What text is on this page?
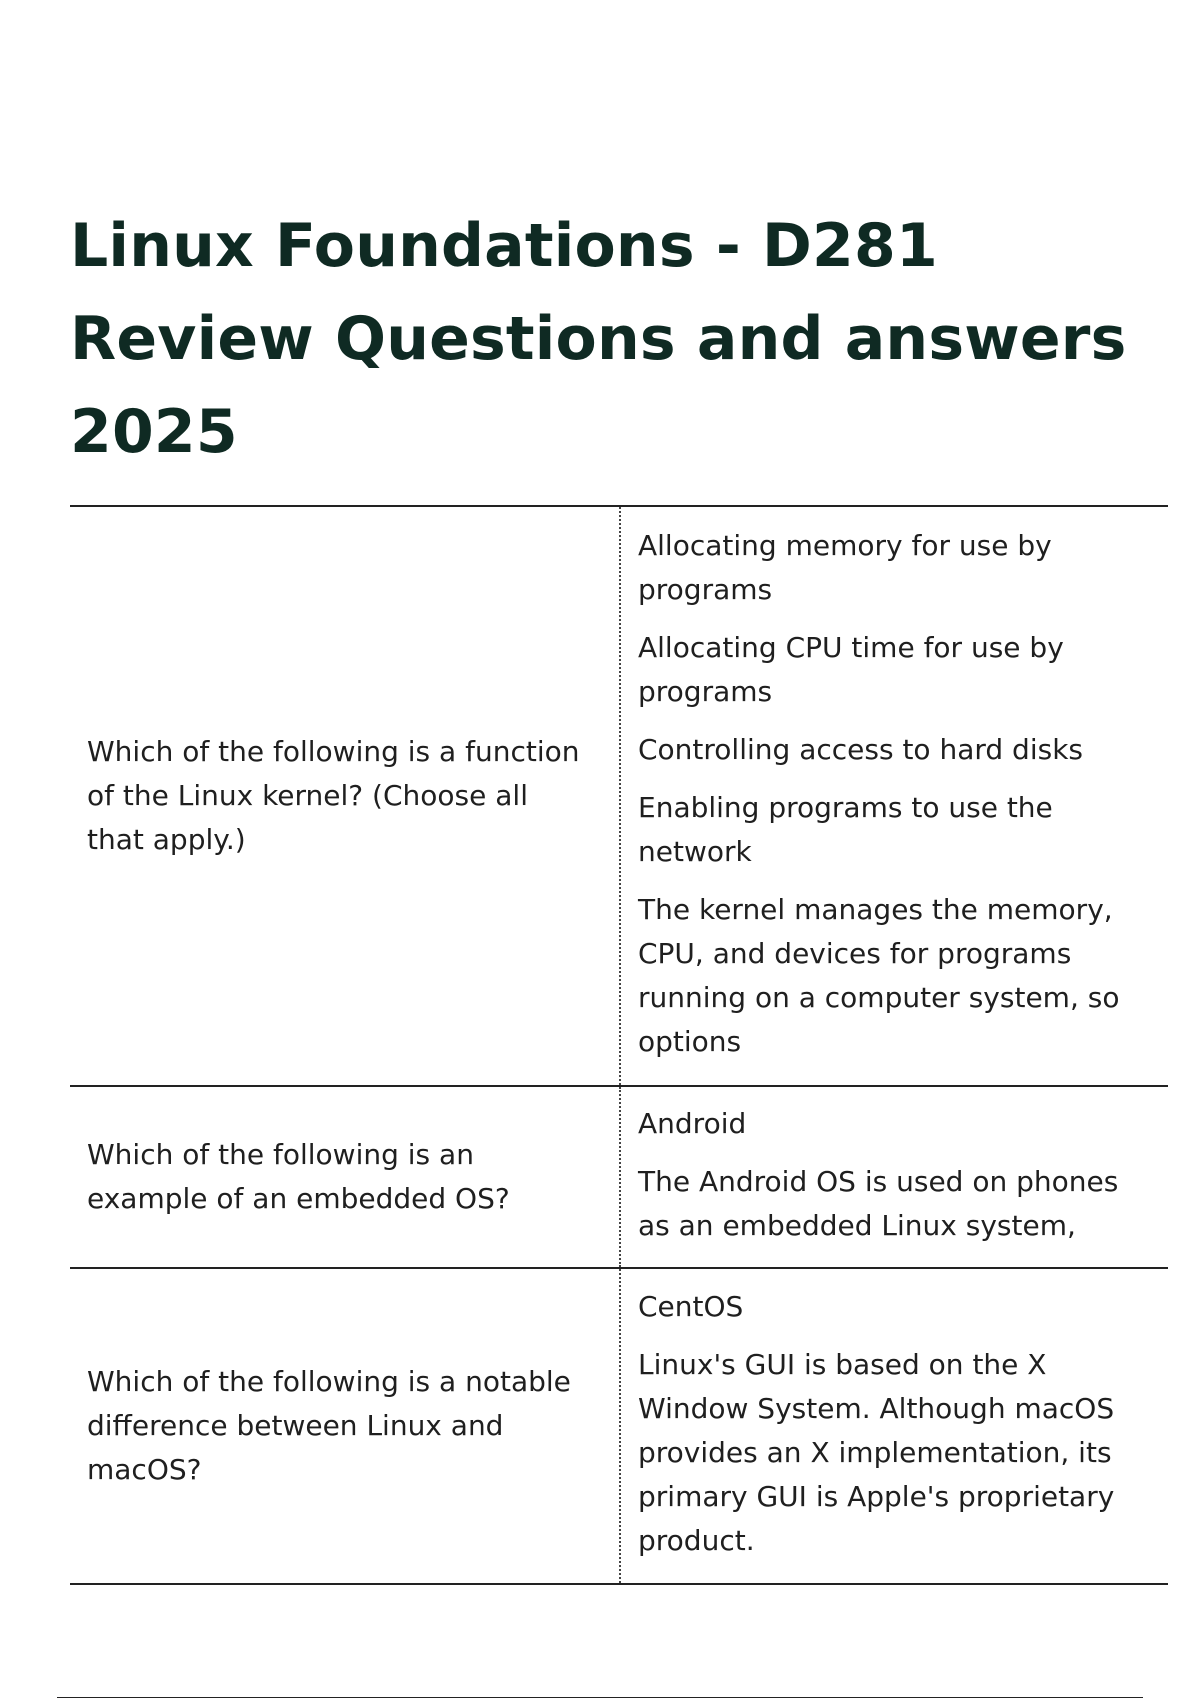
Linux Foundations - D281
Review Questions and answers
2025
Which of the following is a function of the Linux kernel? (Choose all that apply.)	Allocating memory for use by programs
Allocating CPU time for use by programs
Controlling access to hard disks
Enabling programs to use the network
The kernel manages the memory, CPU, and devices for programs running on a computer system, so options

Which of the following is an example of an embedded OS?	Android
The Android OS is used on phones as an embedded Linux system,

Which of the following is a notable difference between Linux and macOS?	CentOS
Linux's GUI is based on the X Window System. Although macOS provides an X implementation, its primary GUI is Apple's proprietary product.
